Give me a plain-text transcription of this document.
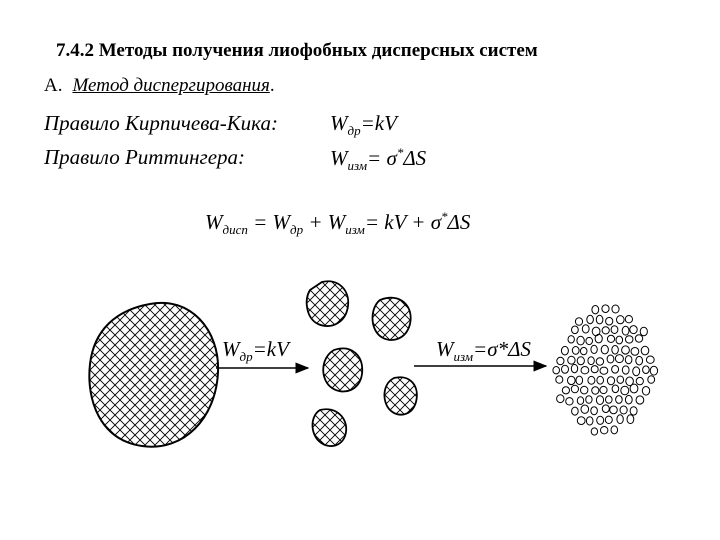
7.4.2 Методы получения лиофобных дисперсных систем
А. Метод диспергирования.
Правило Кирпичева-Кика:
Правило Риттингера:
$W_{др}=kV$
$W_{изм}= \sigma^*\Delta S$
$W_{дисп} = W_{др} + W_{изм}=$ kV + σ*ΔS
$W_{др}=kV$	$W_{изм}=\sigma*\Delta S$
